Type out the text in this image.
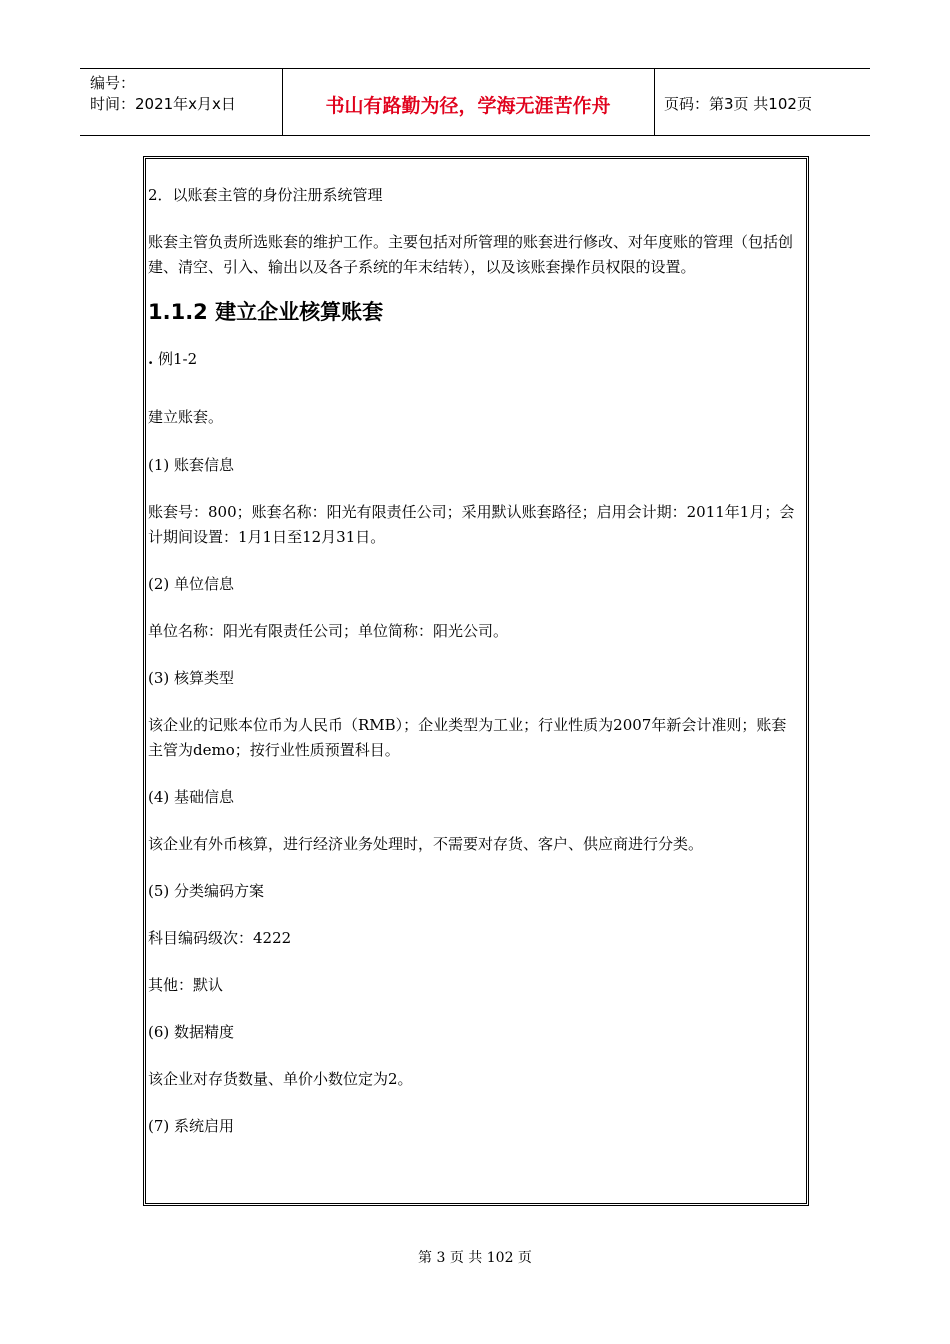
编号：
时间：2021年x月x日	书山有路勤为径，学海无涯苦作舟	页码：第3页 共102页

2．以账套主管的身份注册系统管理

账套主管负责所选账套的维护工作。主要包括对所管理的账套进行修改、对年度账的管理（包括创建、清空、引入、输出以及各子系统的年末结转），以及该账套操作员权限的设置。

1.1.2 建立企业核算账套

. 例1-2

建立账套。

(1) 账套信息

账套号：800；账套名称：阳光有限责任公司；采用默认账套路径；启用会计期：2011年1月；会计期间设置：1月1日至12月31日。

(2) 单位信息

单位名称：阳光有限责任公司；单位简称：阳光公司。

(3) 核算类型

该企业的记账本位币为人民币（RMB）；企业类型为工业；行业性质为2007年新会计准则；账套主管为demo；按行业性质预置科目。

(4) 基础信息

该企业有外币核算，进行经济业务处理时，不需要对存货、客户、供应商进行分类。

(5) 分类编码方案

科目编码级次：4222

其他：默认

(6) 数据精度

该企业对存货数量、单价小数位定为2。

(7) 系统启用

第 3 页 共 102 页
